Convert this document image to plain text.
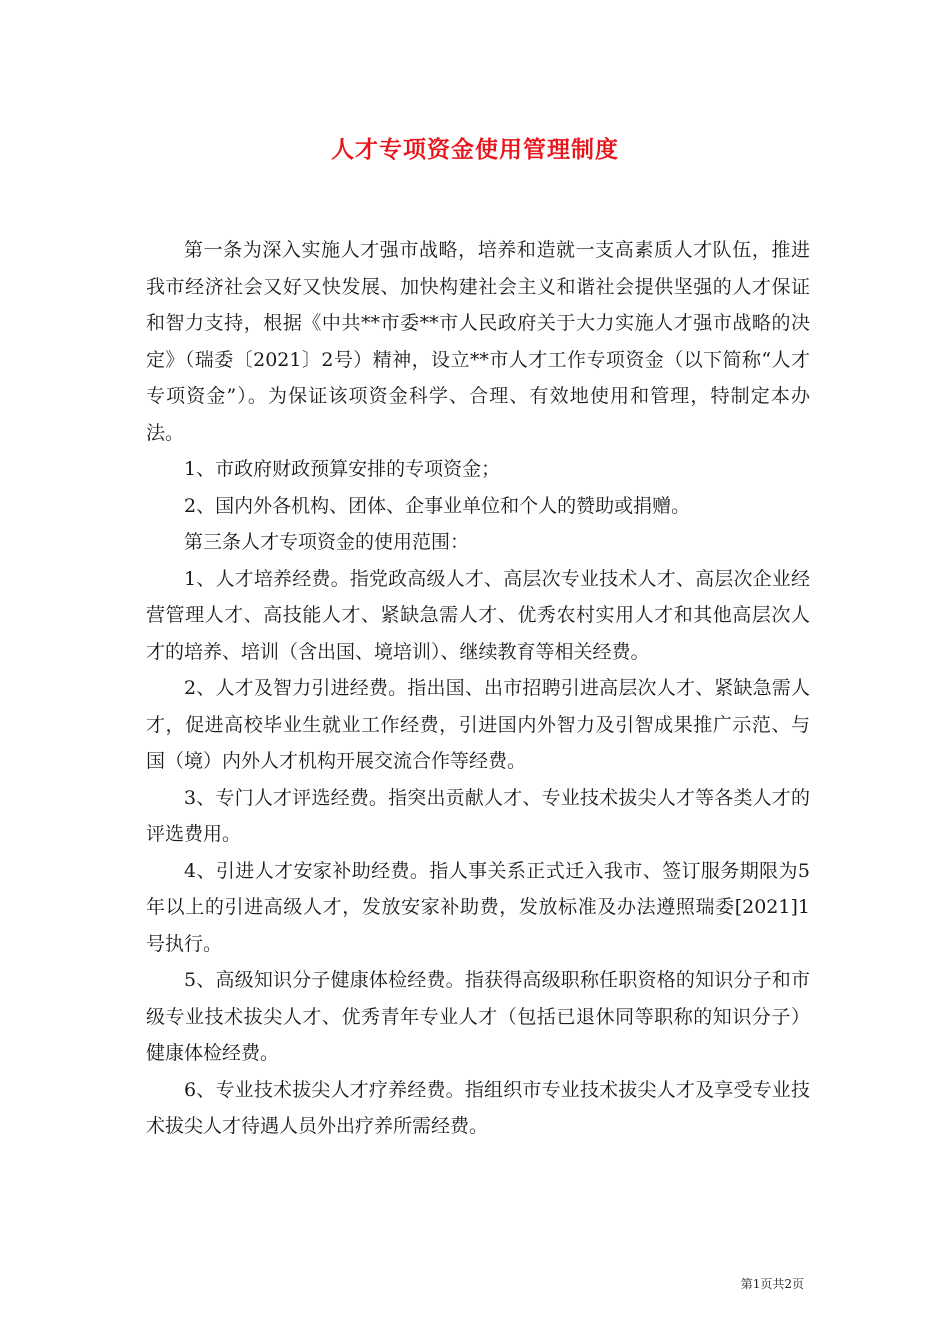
人才专项资金使用管理制度

第一条为深入实施人才强市战略，培养和造就一支高素质人才队伍，推进我市经济社会又好又快发展、加快构建社会主义和谐社会提供坚强的人才保证和智力支持，根据《中共**市委**市人民政府关于大力实施人才强市战略的决定》（瑞委〔2021〕2号）精神，设立**市人才工作专项资金（以下简称“人才专项资金”）。为保证该项资金科学、合理、有效地使用和管理，特制定本办法。

1、市政府财政预算安排的专项资金；

2、国内外各机构、团体、企事业单位和个人的赞助或捐赠。

第三条人才专项资金的使用范围：

1、人才培养经费。指党政高级人才、高层次专业技术人才、高层次企业经营管理人才、高技能人才、紧缺急需人才、优秀农村实用人才和其他高层次人才的培养、培训（含出国、境培训）、继续教育等相关经费。

2、人才及智力引进经费。指出国、出市招聘引进高层次人才、紧缺急需人才，促进高校毕业生就业工作经费，引进国内外智力及引智成果推广示范、与国（境）内外人才机构开展交流合作等经费。

3、专门人才评选经费。指突出贡献人才、专业技术拔尖人才等各类人才的评选费用。

4、引进人才安家补助经费。指人事关系正式迁入我市、签订服务期限为5年以上的引进高级人才，发放安家补助费，发放标准及办法遵照瑞委[2021]1号执行。

5、高级知识分子健康体检经费。指获得高级职称任职资格的知识分子和市级专业技术拔尖人才、优秀青年专业人才（包括已退休同等职称的知识分子）健康体检经费。

6、专业技术拔尖人才疗养经费。指组织市专业技术拔尖人才及享受专业技术拔尖人才待遇人员外出疗养所需经费。

第1页共2页
